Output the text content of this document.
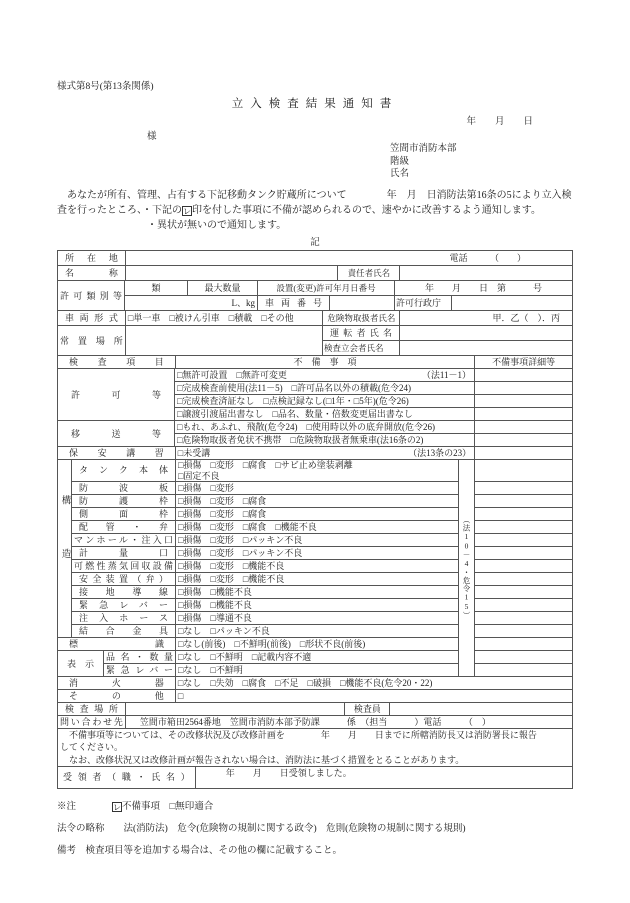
様式第8号(第13条関係)
立入検査結果通知書
年　　月　　日
様
笠間市消防本部
階級
氏名
　あなたが所有、管理、占有する下記移動タンク貯蔵所について　　　　年　月　日消防法第16条の5により立入検
査を行ったところ、・下記のレ印を付した事項に不備が認められるので、速やかに改善するよう通知します。
・異状が無いので通知します。
記
所在地	電話　　　（　　）
名称	責任者氏名
許可類別等
類	最大数量	設置(変更)許可年月日番号	年　　月　　日　第　　　号
L、kg	車両番号	許可行政庁
車両形式	□単一車　□被けん引車　□積載　□その他	危険物取扱者氏名	甲．乙（　）．丙
常置場所
運転者氏名
検査立会者氏名
検査項目	不　備　事　項	不備事項詳細等
許可等
□無許可設置　□無許可変更	（法11－1）
□完成検査前使用(法11－5)　□許可品名以外の積載(危令24)
□完成検査済証なし　□点検記録なし(□1年・□5年)(危令26)
□譲渡引渡届出書なし　□品名、数量・倍数変更届出書なし
移送等
□もれ、あふれ、飛散(危令24)　□使用時以外の底弁開放(危令26)
□危険物取扱者免状不携帯　□危険物取扱者無乗車(法16条の2)
保安講習	□未受講	（法13条の23）
構造
タンク本体	□損傷　□変形　□腐食　□サビ止め塗装剥離
□固定不良
防波板	□損傷　□変形
防護枠	□損傷　□変形　□腐食
側面枠	□損傷　□変形　□腐食
配管・弁	□損傷　□変形　□腐食　□機能不良
マンホール・注入口 □損傷　□変形　□パッキン不良
計量口	□損傷　□変形　□パッキン不良
可燃性蒸気回収設備 □損傷　□変形　□機能不良
安全装置（弁）	□損傷　□変形　□機能不良
接地導線	□損傷　□機能不良
緊急レバー	□損傷　□機能不良
注入ホース	□損傷　□導通不良
結合金具	□なし　□パッキン不良
標識	□なし(前後)　□不鮮明(前後)　□形状不良(前後)
表示
品名・数量 □なし　□不鮮明　□記載内容不適
緊急レバー □なし　□不鮮明
（法10－4・危令15）
消火器	□なし　□失効　□腐食　□不足　□破損　□機能不良(危令20・22)
その他	□
検査場所	検査員
問い合わせ先	笠間市箱田2564番地　笠間市消防本部予防課　　　係　（担当　　　）電話　　　（　）
　不備事項等については、その改修状況及び改修計画を　　　　年　　月　　日までに所轄消防長又は消防署長に報告
してください。
　なお、改修状況又は改修計画が報告されない場合は、消防法に基づく措置をとることがあります。
受領者（職・氏名）	年　　月　　日受領しました。
※注	レ不備事項　 □無印適合
法令の略称　　法(消防法)　危令(危険物の規制に関する政令)　危則(危険物の規制に関する規則)
備考　検査項目等を追加する場合は、その他の欄に記載すること。
